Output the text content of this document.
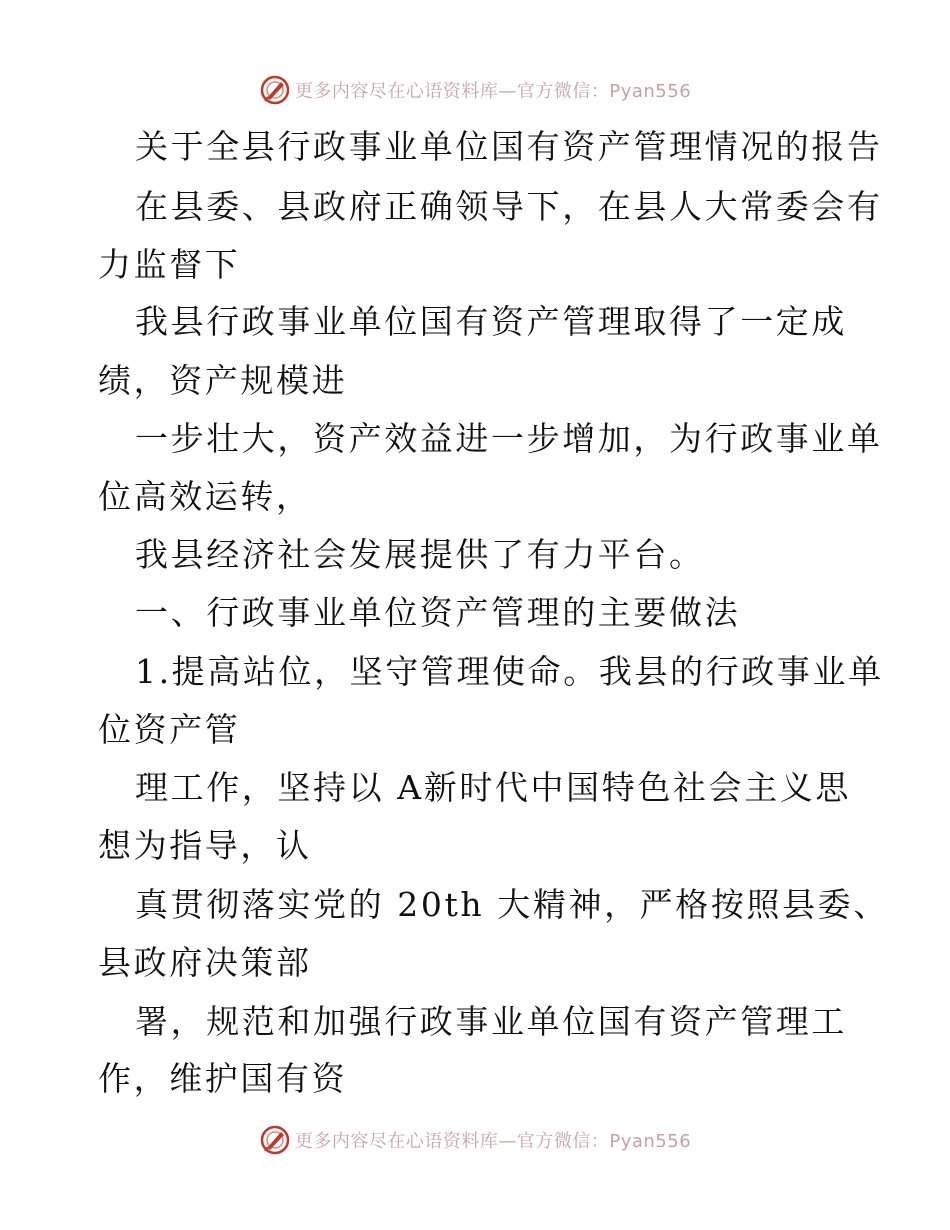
更多内容尽在心语资料库—官方微信：Pyan556
关于全县行政事业单位国有资产管理情况的报告
在县委、县政府正确领导下，在县人大常委会有
力监督下
我县行政事业单位国有资产管理取得了一定成
绩，资产规模进
一步壮大，资产效益进一步增加，为行政事业单
位高效运转，
我县经济社会发展提供了有力平台。
一、行政事业单位资产管理的主要做法
1.提高站位，坚守管理使命。我县的行政事业单
位资产管
理工作，坚持以 A新时代中国特色社会主义思
想为指导，认
真贯彻落实党的 20th 大精神，严格按照县委、
县政府决策部
署，规范和加强行政事业单位国有资产管理工
作，维护国有资
更多内容尽在心语资料库—官方微信：Pyan556
